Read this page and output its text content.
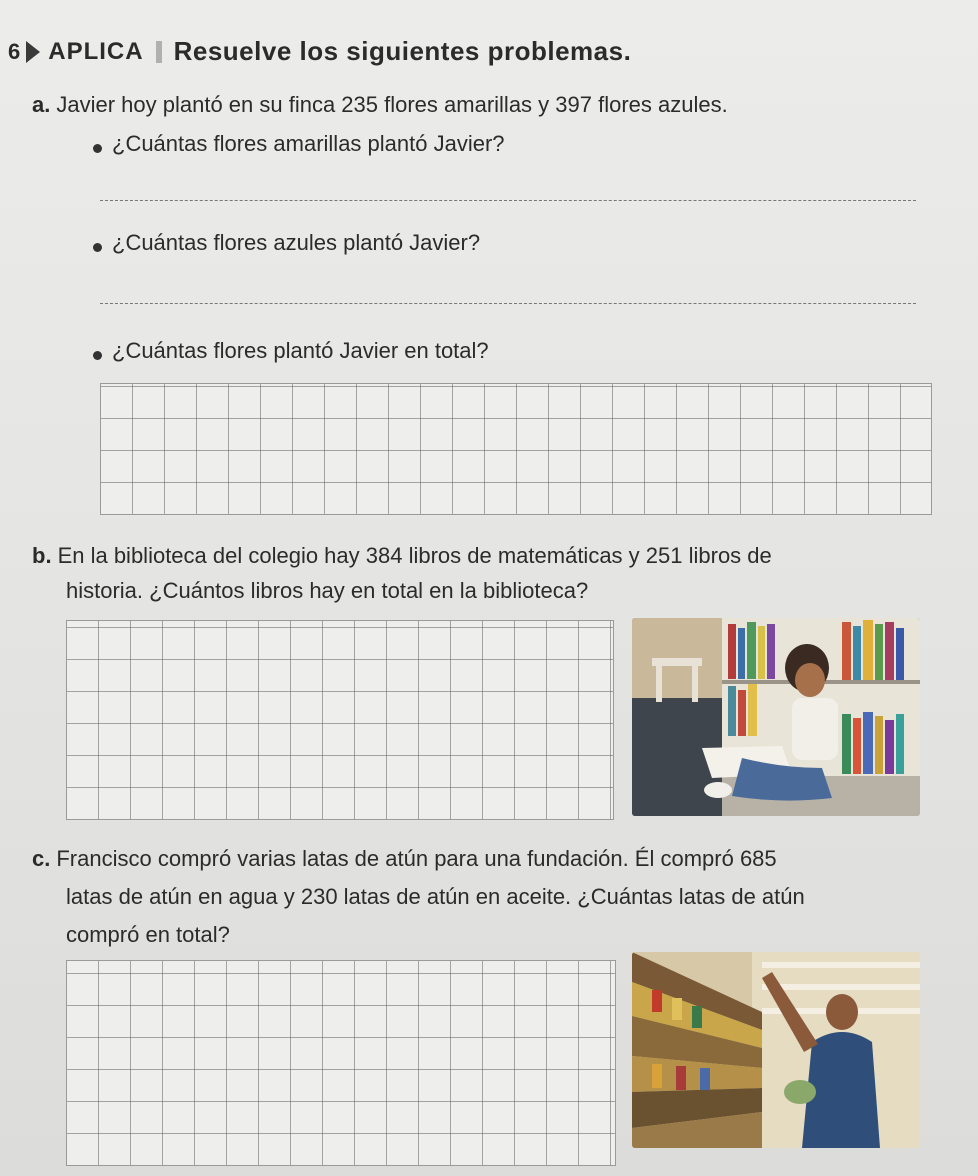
6 APLICA Resuelve los siguientes problemas.
a. Javier hoy plantó en su finca 235 flores amarillas y 397 flores azules.
¿Cuántas flores amarillas plantó Javier?
¿Cuántas flores azules plantó Javier?
¿Cuántas flores plantó Javier en total?
b. En la biblioteca del colegio hay 384 libros de matemáticas y 251 libros de
historia. ¿Cuántos libros hay en total en la biblioteca?
c. Francisco compró varias latas de atún para una fundación. Él compró 685
latas de atún en agua y 230 latas de atún en aceite. ¿Cuántas latas de atún
compró en total?
